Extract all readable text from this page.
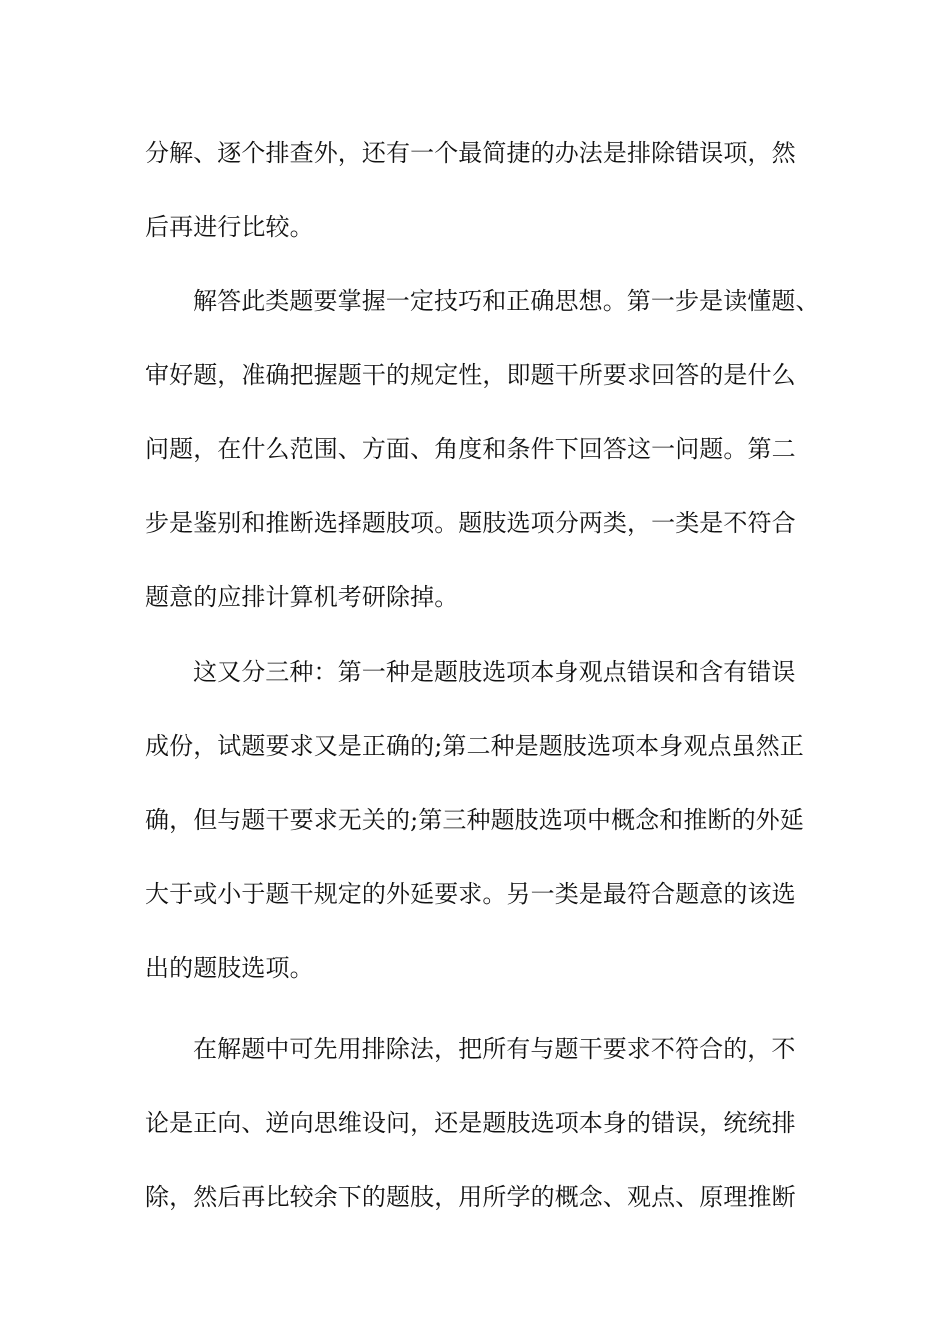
分解、逐个排查外，还有一个最简捷的办法是排除错误项，然
后再进行比较。
解答此类题要掌握一定技巧和正确思想。第一步是读懂题、
审好题，准确把握题干的规定性，即题干所要求回答的是什么
问题，在什么范围、方面、角度和条件下回答这一问题。第二
步是鉴别和推断选择题肢项。题肢选项分两类，一类是不符合
题意的应排计算机考研除掉。
这又分三种：第一种是题肢选项本身观点错误和含有错误
成份，试题要求又是正确的;第二种是题肢选项本身观点虽然正
确，但与题干要求无关的;第三种题肢选项中概念和推断的外延
大于或小于题干规定的外延要求。另一类是最符合题意的该选
出的题肢选项。
在解题中可先用排除法，把所有与题干要求不符合的，不
论是正向、逆向思维设问，还是题肢选项本身的错误，统统排
除，然后再比较余下的题肢，用所学的概念、观点、原理推断
